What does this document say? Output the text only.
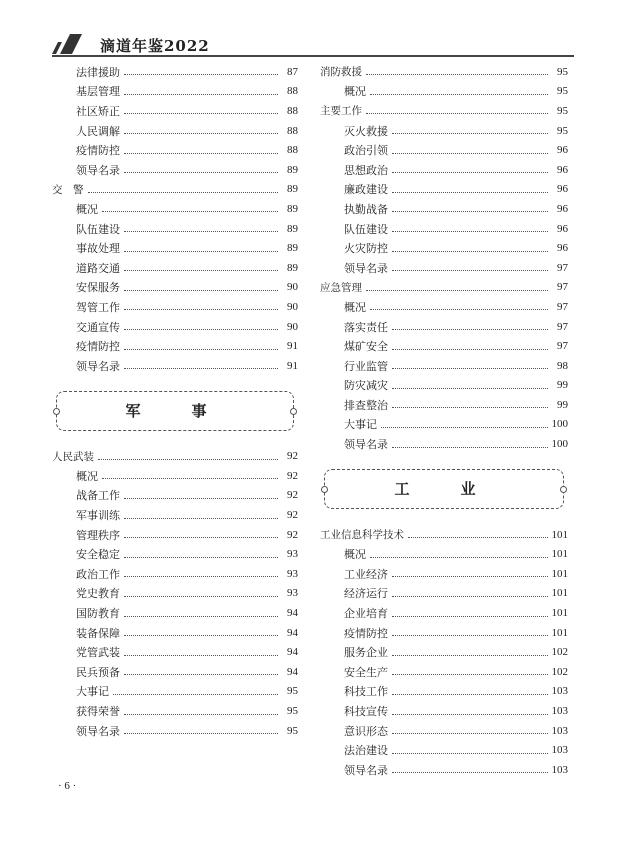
滴道年鉴2022
法律援助	87
基层管理	88
社区矫正	88
人民调解	88
疫情防控	88
领导名录	89
交　警	89
概况	89
队伍建设	89
事故处理	89
道路交通	89
安保服务	90
驾管工作	90
交通宣传	90
疫情防控	91
领导名录	91
军　事
人民武装	92
概况	92
战备工作	92
军事训练	92
管理秩序	92
安全稳定	93
政治工作	93
党史教育	93
国防教育	94
装备保障	94
党管武装	94
民兵预备	94
大事记	95
获得荣誉	95
领导名录	95
消防救援	95
概况	95
主要工作	95
灭火救援	95
政治引领	96
思想政治	96
廉政建设	96
执勤战备	96
队伍建设	96
火灾防控	96
领导名录	97
应急管理	97
概况	97
落实责任	97
煤矿安全	97
行业监管	98
防灾减灾	99
排查整治	99
大事记	100
领导名录	100
工　业
工业信息科学技术	101
概况	101
工业经济	101
经济运行	101
企业培育	101
疫情防控	101
服务企业	102
安全生产	102
科技工作	103
科技宣传	103
意识形态	103
法治建设	103
领导名录	103
· 6 ·
